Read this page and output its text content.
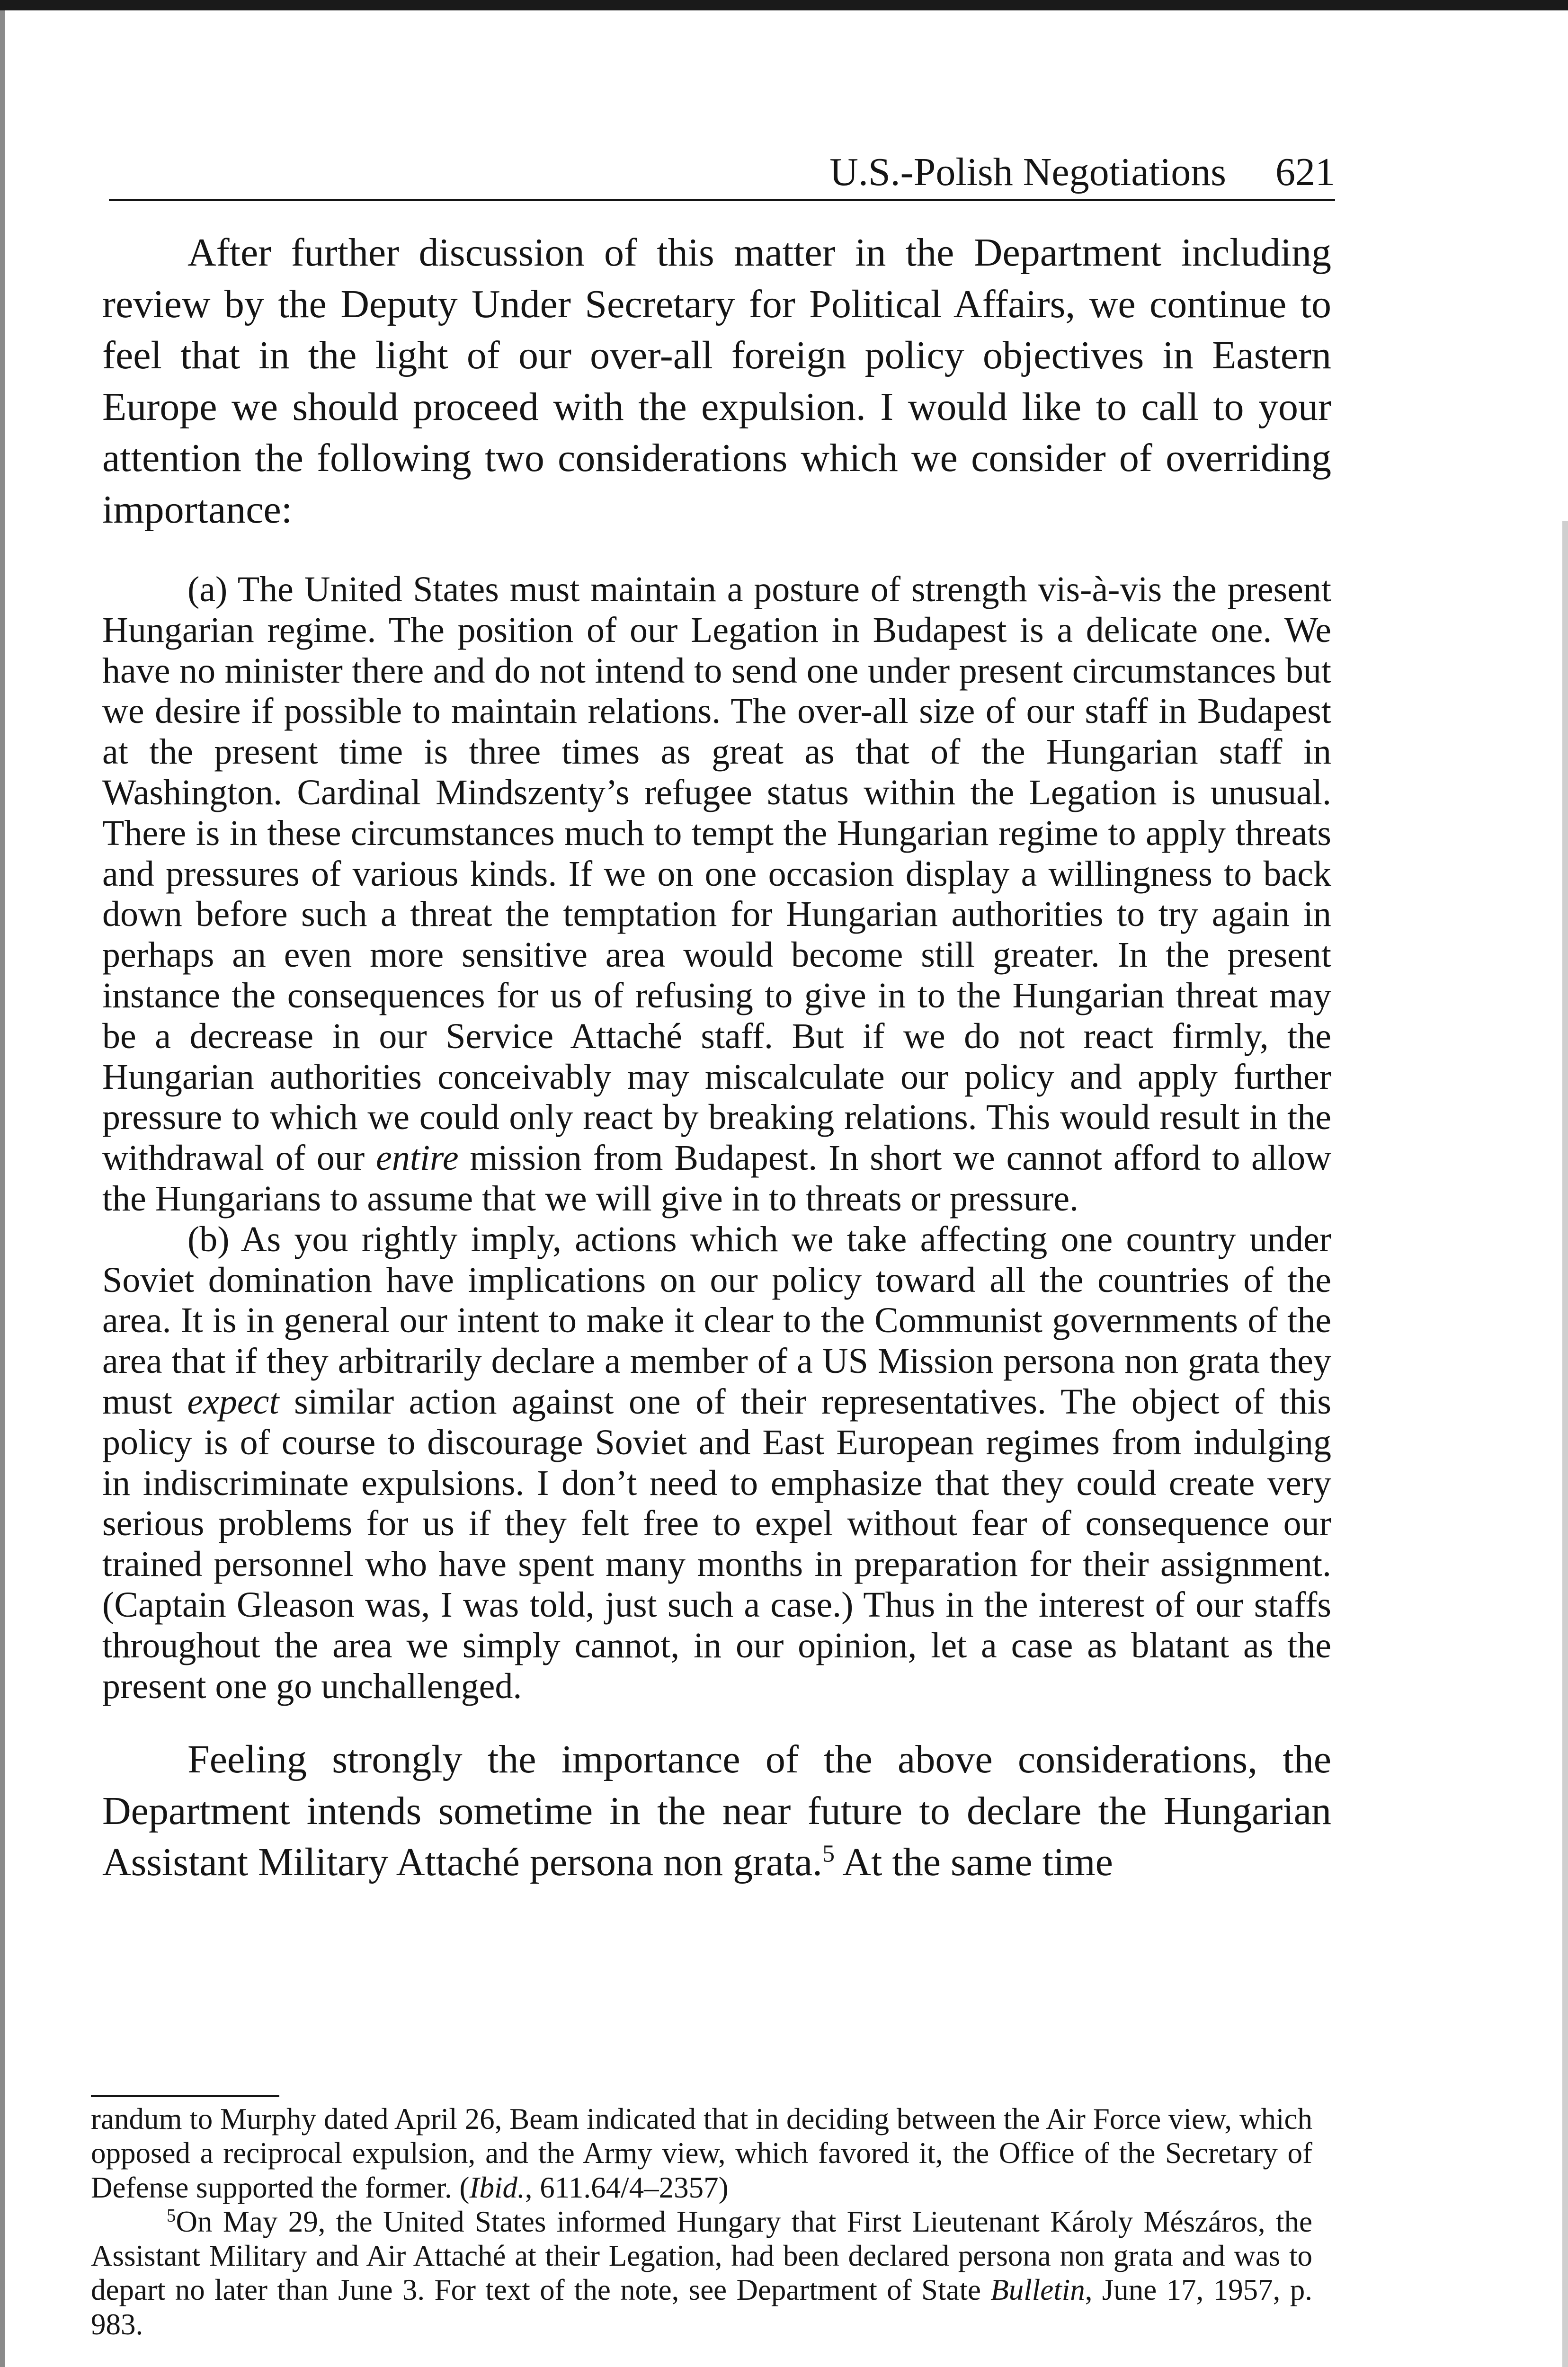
U.S.-Polish Negotiations 621

After further discussion of this matter in the Department including review by the Deputy Under Secretary for Political Affairs, we continue to feel that in the light of our over-all foreign policy objectives in Eastern Europe we should proceed with the expulsion. I would like to call to your attention the following two considerations which we consider of overriding importance:

(a) The United States must maintain a posture of strength vis-à-vis the present Hungarian regime. The position of our Legation in Budapest is a delicate one. We have no minister there and do not intend to send one under present circumstances but we desire if possible to maintain relations. The over-all size of our staff in Budapest at the present time is three times as great as that of the Hungarian staff in Washington. Cardinal Mindszenty’s refugee status within the Legation is unusual. There is in these circumstances much to tempt the Hungarian regime to apply threats and pressures of various kinds. If we on one occasion display a willingness to back down before such a threat the temptation for Hungarian authorities to try again in perhaps an even more sensitive area would become still greater. In the present instance the consequences for us of refusing to give in to the Hungarian threat may be a decrease in our Service Attaché staff. But if we do not react firmly, the Hungarian authorities conceivably may miscalculate our policy and apply further pressure to which we could only react by breaking relations. This would result in the withdrawal of our entire mission from Budapest. In short we cannot afford to allow the Hungarians to assume that we will give in to threats or pressure.

(b) As you rightly imply, actions which we take affecting one country under Soviet domination have implications on our policy toward all the countries of the area. It is in general our intent to make it clear to the Communist governments of the area that if they arbitrarily declare a member of a US Mission persona non grata they must expect similar action against one of their representatives. The object of this policy is of course to discourage Soviet and East European regimes from indulging in indiscriminate expulsions. I don’t need to emphasize that they could create very serious problems for us if they felt free to expel without fear of consequence our trained personnel who have spent many months in preparation for their assignment. (Captain Gleason was, I was told, just such a case.) Thus in the interest of our staffs throughout the area we simply cannot, in our opinion, let a case as blatant as the present one go unchallenged.

Feeling strongly the importance of the above considerations, the Department intends sometime in the near future to declare the Hungarian Assistant Military Attaché persona non grata.$^5$ At the same time

randum to Murphy dated April 26, Beam indicated that in deciding between the Air Force view, which opposed a reciprocal expulsion, and the Army view, which favored it, the Office of the Secretary of Defense supported the former. (Ibid., 611.64/4–2357)

$^5$On May 29, the United States informed Hungary that First Lieutenant Károly Mészáros, the Assistant Military and Air Attaché at their Legation, had been declared persona non grata and was to depart no later than June 3. For text of the note, see Department of State Bulletin, June 17, 1957, p. 983.
